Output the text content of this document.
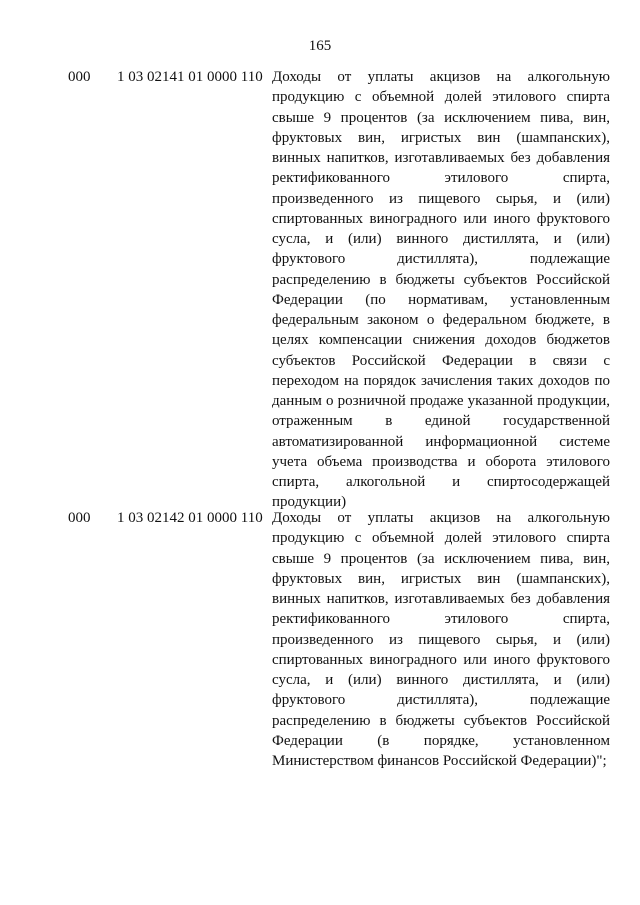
165
000 1 03 02141 01 0000 110 Доходы от уплаты акцизов на алкогольную продукцию с объемной долей этилового спирта свыше 9 процентов (за исключением пива, вин, фруктовых вин, игристых вин (шампанских), винных напитков, изготавливаемых без добавления ректификованного этилового спирта, произведенного из пищевого сырья, и (или) спиртованных виноградного или иного фруктового сусла, и (или) винного дистиллята, и (или) фруктового дистиллята), подлежащие распределению в бюджеты субъектов Российской Федерации (по нормативам, установленным федеральным законом о федеральном бюджете, в целях компенсации снижения доходов бюджетов субъектов Российской Федерации в связи с переходом на порядок зачисления таких доходов по данным о розничной продаже указанной продукции, отраженным в единой государственной автоматизированной информационной системе учета объема производства и оборота этилового спирта, алкогольной и спиртосодержащей продукции)
000 1 03 02142 01 0000 110 Доходы от уплаты акцизов на алкогольную продукцию с объемной долей этилового спирта свыше 9 процентов (за исключением пива, вин, фруктовых вин, игристых вин (шампанских), винных напитков, изготавливаемых без добавления ректификованного этилового спирта, произведенного из пищевого сырья, и (или) спиртованных виноградного или иного фруктового сусла, и (или) винного дистиллята, и (или) фруктового дистиллята), подлежащие распределению в бюджеты субъектов Российской Федерации (в порядке, установленном Министерством финансов Российской Федерации)";
